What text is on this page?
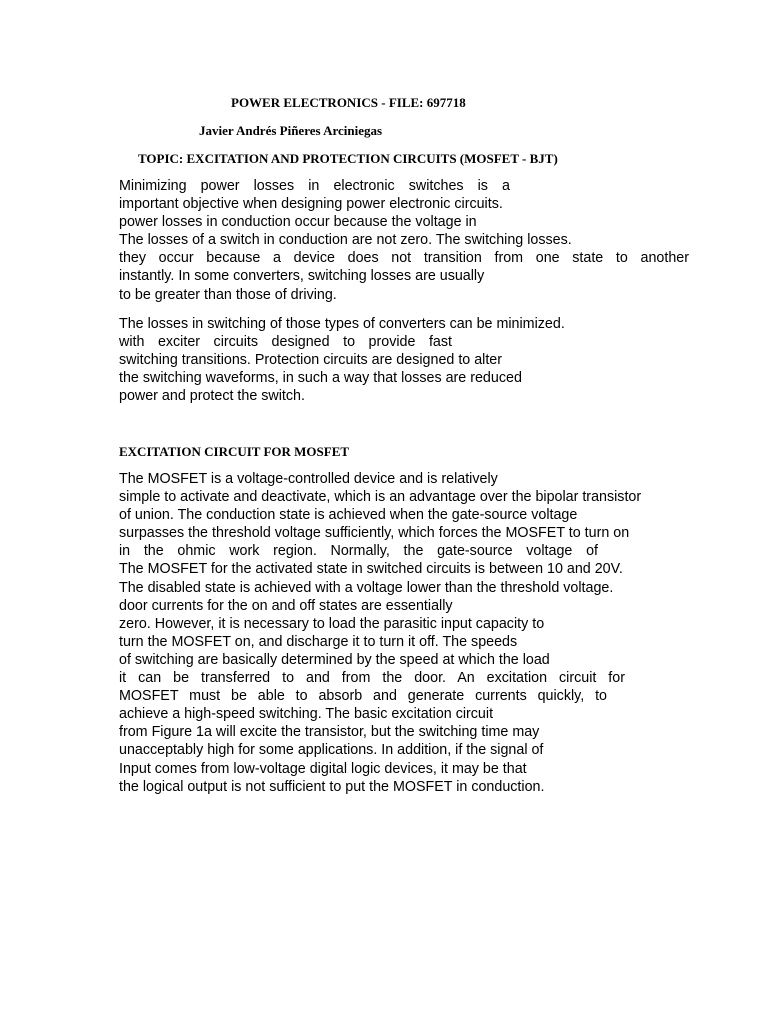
POWER ELECTRONICS - FILE: 697718
Javier Andrés Piñeres Arciniegas
TOPIC: EXCITATION AND PROTECTION CIRCUITS (MOSFET - BJT)
Minimizing power losses in electronic switches is a
important objective when designing power electronic circuits.
power losses in conduction occur because the voltage in
The losses of a switch in conduction are not zero. The switching losses.
they occur because a device does not transition from one state to another
instantly. In some converters, switching losses are usually
to be greater than those of driving.
The losses in switching of those types of converters can be minimized.
with exciter circuits designed to provide fast
switching transitions. Protection circuits are designed to alter
the switching waveforms, in such a way that losses are reduced
power and protect the switch.
EXCITATION CIRCUIT FOR MOSFET
The MOSFET is a voltage-controlled device and is relatively
simple to activate and deactivate, which is an advantage over the bipolar transistor
of union. The conduction state is achieved when the gate-source voltage
surpasses the threshold voltage sufficiently, which forces the MOSFET to turn on
in the ohmic work region. Normally, the gate-source voltage of
The MOSFET for the activated state in switched circuits is between 10 and 20V.
The disabled state is achieved with a voltage lower than the threshold voltage.
door currents for the on and off states are essentially
zero. However, it is necessary to load the parasitic input capacity to
turn the MOSFET on, and discharge it to turn it off. The speeds
of switching are basically determined by the speed at which the load
it can be transferred to and from the door. An excitation circuit for
MOSFET must be able to absorb and generate currents quickly, to
achieve a high-speed switching. The basic excitation circuit
from Figure 1a will excite the transistor, but the switching time may
unacceptably high for some applications. In addition, if the signal of
Input comes from low-voltage digital logic devices, it may be that
the logical output is not sufficient to put the MOSFET in conduction.
